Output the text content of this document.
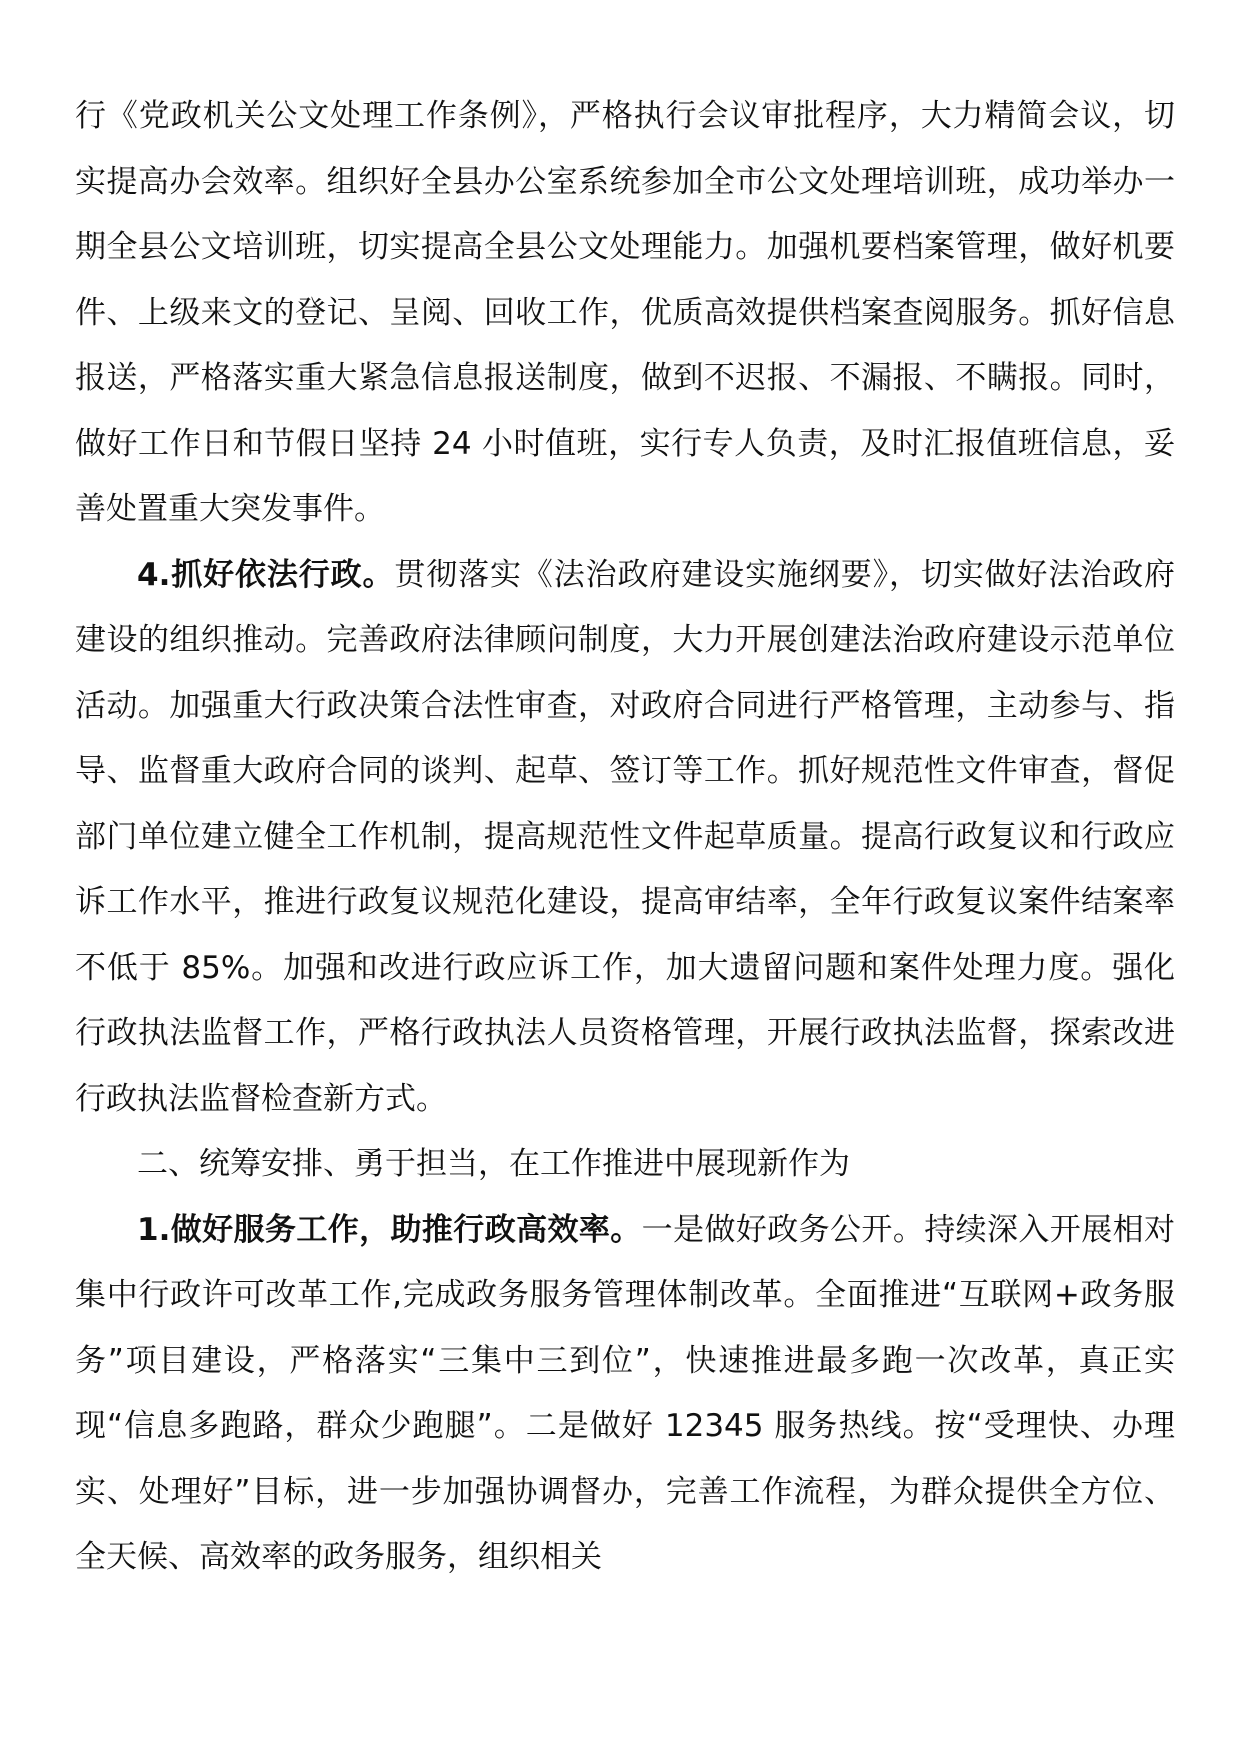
行《党政机关公文处理工作条例》，严格执行会议审批程序，大力精简会议，切实提高办会效率。组织好全县办公室系统参加全市公文处理培训班，成功举办一期全县公文培训班，切实提高全县公文处理能力。加强机要档案管理，做好机要件、上级来文的登记、呈阅、回收工作，优质高效提供档案查阅服务。抓好信息报送，严格落实重大紧急信息报送制度，做到不迟报、不漏报、不瞒报。同时，做好工作日和节假日坚持 24 小时值班，实行专人负责，及时汇报值班信息，妥善处置重大突发事件。

4.抓好依法行政。贯彻落实《法治政府建设实施纲要》，切实做好法治政府建设的组织推动。完善政府法律顾问制度，大力开展创建法治政府建设示范单位活动。加强重大行政决策合法性审查，对政府合同进行严格管理，主动参与、指导、监督重大政府合同的谈判、起草、签订等工作。抓好规范性文件审查，督促部门单位建立健全工作机制，提高规范性文件起草质量。提高行政复议和行政应诉工作水平，推进行政复议规范化建设，提高审结率，全年行政复议案件结案率不低于 85%。加强和改进行政应诉工作，加大遗留问题和案件处理力度。强化行政执法监督工作，严格行政执法人员资格管理，开展行政执法监督，探索改进行政执法监督检查新方式。

二、统筹安排、勇于担当，在工作推进中展现新作为

1.做好服务工作，助推行政高效率。一是做好政务公开。持续深入开展相对集中行政许可改革工作,完成政务服务管理体制改革。全面推进“互联网+政务服务”项目建设，严格落实“三集中三到位”，快速推进最多跑一次改革，真正实现“信息多跑路，群众少跑腿”。二是做好 12345 服务热线。按“受理快、办理实、处理好”目标，进一步加强协调督办，完善工作流程，为群众提供全方位、全天候、高效率的政务服务，组织相关
